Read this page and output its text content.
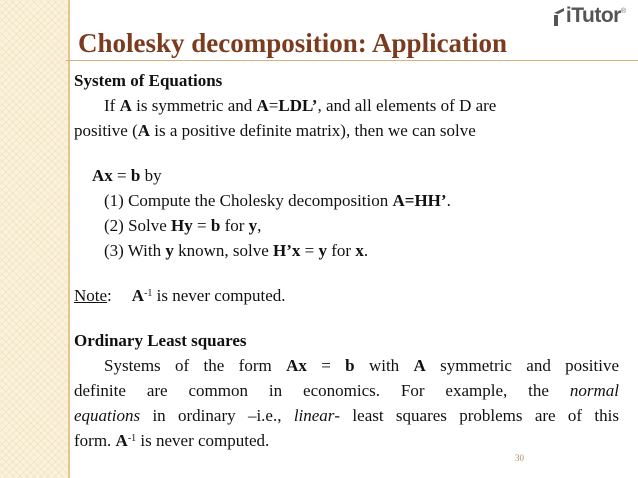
iTutor ®
Cholesky decomposition: Application
System of Equations
If A is symmetric and A=LDL’, and all elements of D are
positive (A is a positive definite matrix), then we can solve
Ax = b by
(1) Compute the Cholesky decomposition A=HH’.
(2) Solve Hy = b for y,
(3) With y known, solve H’x = y for x.
Note: $A^{-1}$ is never computed.
Ordinary Least squares
Systems of the form Ax = b with A symmetric and positive
definite are common in economics. For example, the normal
equations in ordinary –i.e., linear- least squares problems are of this
form. $A^{-1}$ is never computed.
30
